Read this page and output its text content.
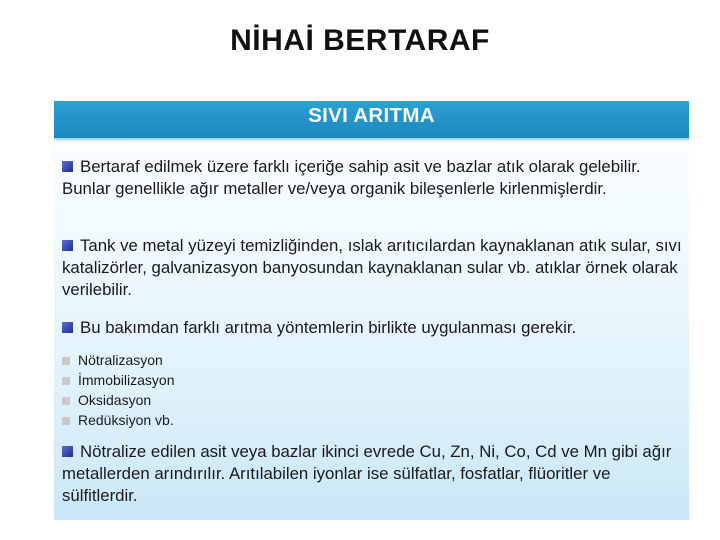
NİHAİ BERTARAF
SIVI ARITMA

Bertaraf edilmek üzere farklı içeriğe sahip asit ve bazlar atık olarak gelebilir. Bunlar genellikle ağır metaller ve/veya organik bileşenlerle kirlenmişlerdir.

Tank ve metal yüzeyi temizliğinden, ıslak arıtıcılardan kaynaklanan atık sular, sıvı katalizörler, galvanizasyon banyosundan kaynaklanan sular vb. atıklar örnek olarak verilebilir.

Bu bakımdan farklı arıtma yöntemlerin birlikte uygulanması gerekir.

Nötralizasyon
İmmobilizasyon
Oksidasyon
Redüksiyon vb.

Nötralize edilen asit veya bazlar ikinci evrede Cu, Zn, Ni, Co, Cd ve Mn gibi ağır metallerden arındırılır. Arıtılabilen iyonlar ise sülfatlar, fosfatlar, flüoritler ve sülfitlerdir.
